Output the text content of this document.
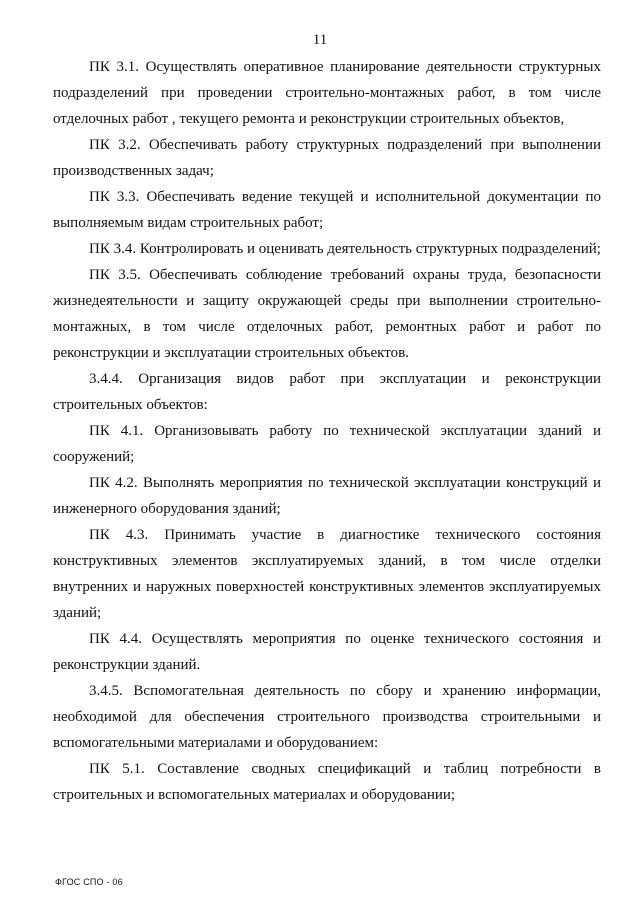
11

ПК 3.1. Осуществлять оперативное планирование деятельности структурных подразделений при проведении строительно-монтажных работ, в том числе отделочных работ , текущего ремонта и реконструкции строительных объектов,

ПК 3.2. Обеспечивать работу структурных подразделений при выполнении производственных задач;

ПК 3.3. Обеспечивать ведение текущей и исполнительной документации по выполняемым видам строительных работ;

ПК 3.4. Контролировать и оценивать деятельность структурных подразделений;

ПК 3.5. Обеспечивать соблюдение требований охраны труда, безопасности жизнедеятельности и защиту окружающей среды при выполнении строительно-монтажных, в том числе отделочных работ, ремонтных работ и работ по реконструкции и эксплуатации строительных объектов.

3.4.4. Организация видов работ при эксплуатации и реконструкции строительных объектов:

ПК 4.1. Организовывать работу по технической эксплуатации зданий и сооружений;

ПК 4.2. Выполнять мероприятия по технической эксплуатации конструкций и инженерного оборудования зданий;

ПК 4.3. Принимать участие в диагностике технического состояния конструктивных элементов эксплуатируемых зданий, в том числе отделки внутренних и наружных поверхностей конструктивных элементов эксплуатируемых зданий;

ПК 4.4. Осуществлять мероприятия по оценке технического состояния и реконструкции зданий.

3.4.5. Вспомогательная деятельность по сбору и хранению информации, необходимой для обеспечения строительного производства строительными и вспомогательными материалами и оборудованием:

ПК 5.1. Составление сводных спецификаций и таблиц потребности в строительных и вспомогательных материалах и оборудовании;

ФГОС СПО - 06
